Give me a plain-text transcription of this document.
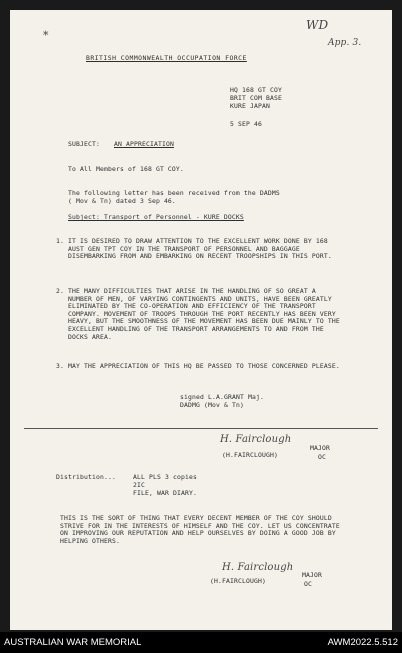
*
WD
App. 3.
BRITISH COMMONWEALTH OCCUPATION FORCE
HQ 168 GT COY
BRIT COM BASE
KURE JAPAN
5 SEP 46
SUBJECT: AN APPRECIATION
To All Members of 168 GT COY.
The following letter has been received from the DADMS
( Mov & Tn) dated 3 Sep 46.
Subject: Transport of Personnel - KURE DOCKS
1. IT IS DESIRED TO DRAW ATTENTION TO THE EXCELLENT WORK DONE BY 168 AUST GEN TPT COY IN THE TRANSPORT OF PERSONNEL AND BAGGAGE DISEMBARKING FROM AND EMBARKING ON RECENT TROOPSHIPS IN THIS PORT.
2. THE MANY DIFFICULTIES THAT ARISE IN THE HANDLING OF SO GREAT A NUMBER OF MEN, OF VARYING CONTINGENTS AND UNITS, HAVE BEEN GREATLY ELIMINATED BY THE CO-OPERATION AND EFFICIENCY OF THE TRANSPORT COMPANY. MOVEMENT OF TROOPS THROUGH THE PORT RECENTLY HAS BEEN VERY HEAVY, BUT THE SMOOTHNESS OF THE MOVEMENT HAS BEEN DUE MAINLY TO THE EXCELLENT HANDLING OF THE TRANSPORT ARRANGEMENTS TO AND FROM THE DOCKS AREA.
3. MAY THE APPRECIATION OF THIS HQ BE PASSED TO THOSE CONCERNED PLEASE.
signed L.A.GRANT Maj.
DADMG (Mov & Tn)
H. Fairclough
(H.FAIRCLOUGH)
MAJOR
OC
Distribution...	ALL PLS 3 copies
2IC
FILE, WAR DIARY.
THIS IS THE SORT OF THING THAT EVERY DECENT MEMBER OF THE COY SHOULD STRIVE FOR IN THE INTERESTS OF HIMSELF AND THE COY. LET US CONCENTRATE ON IMPROVING OUR REPUTATION AND HELP OURSELVES BY DOING A GOOD JOB BY HELPING OTHERS.
H. Fairclough
(H.FAIRCLOUGH)
MAJOR
OC
AUSTRALIAN WAR MEMORIAL	AWM2022.5.512
